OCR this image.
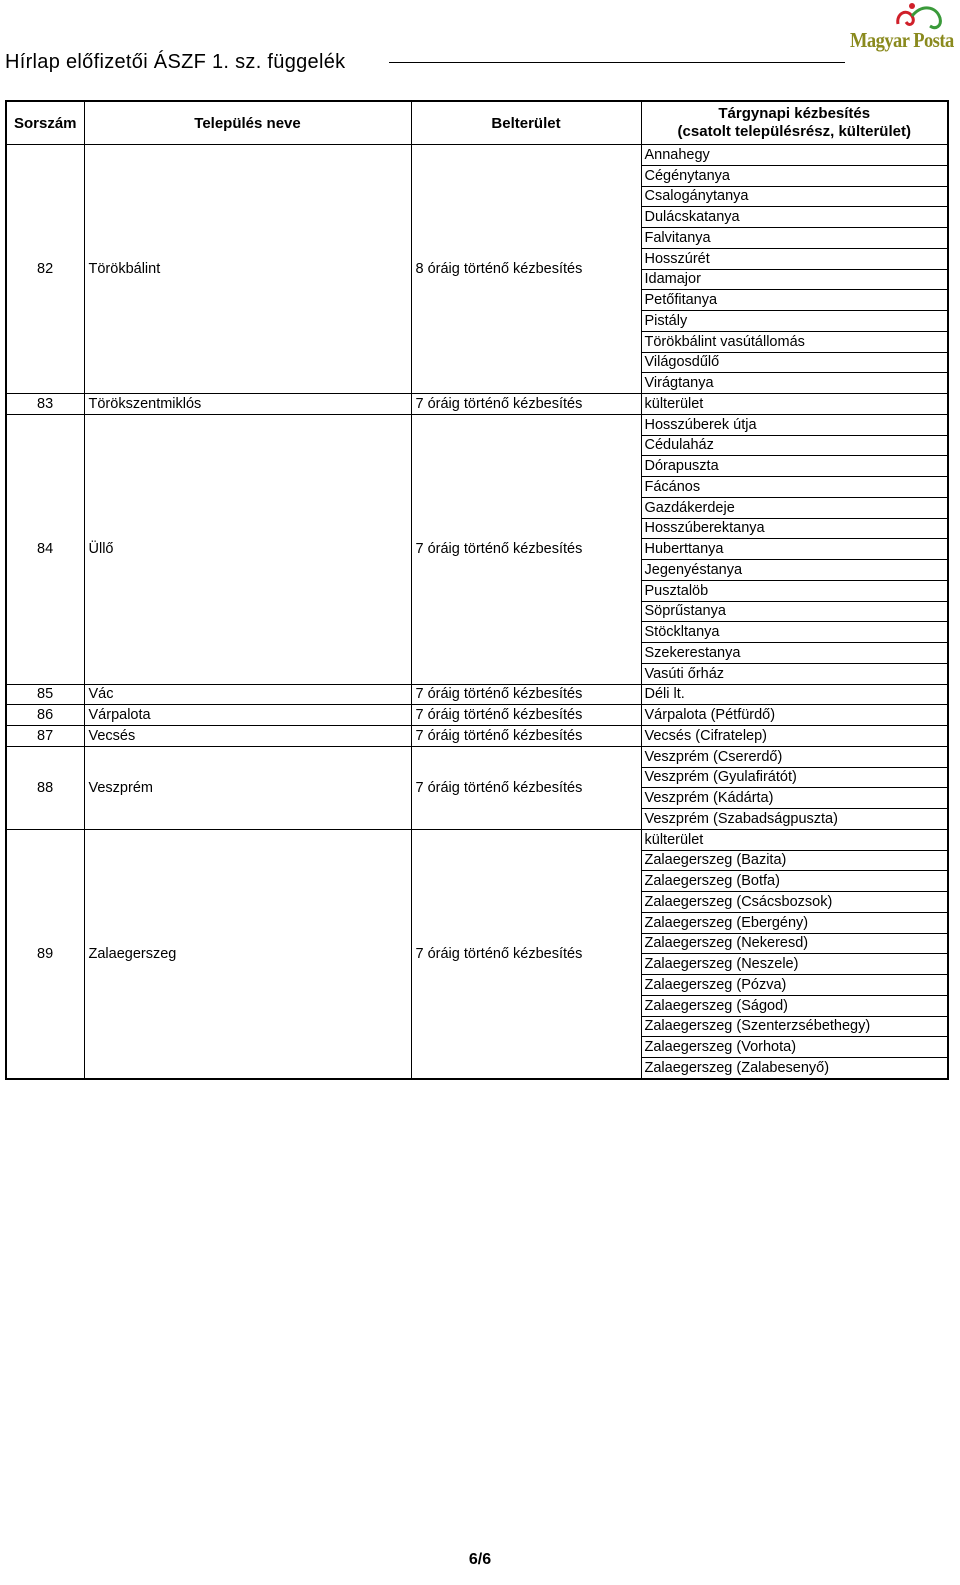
Hírlap előfizetői ÁSZF 1. sz. függelék
Magyar Posta
Sorszám	Település neve	Belterület	Tárgynapi kézbesítés
(csatolt településrész, külterület)

82	Törökbálint	8 óráig történő kézbesítés	Annahegy
			Cégénytanya
			Csalogánytanya
			Dulácskatanya
			Falvitanya
			Hosszúrét
			Idamajor
			Petőfitanya
			Pistály
			Törökbálint vasútállomás
			Világosdűlő
			Virágtanya
83	Törökszentmiklós	7 óráig történő kézbesítés	külterület
84	Üllő	7 óráig történő kézbesítés	Hosszúberek útja
			Cédulaház
			Dórapuszta
			Fácános
			Gazdákerdeje
			Hosszúberektanya
			Huberttanya
			Jegenyéstanya
			Pusztalöb
			Söprűstanya
			Stöckltanya
			Szekerestanya
			Vasúti őrház
85	Vác	7 óráig történő kézbesítés	Déli lt.
86	Várpalota	7 óráig történő kézbesítés	Várpalota (Pétfürdő)
87	Vecsés	7 óráig történő kézbesítés	Vecsés (Cifratelep)
88	Veszprém	7 óráig történő kézbesítés	Veszprém (Csererdő)
			Veszprém (Gyulafirátót)
			Veszprém (Kádárta)
			Veszprém (Szabadságpuszta)
89	Zalaegerszeg	7 óráig történő kézbesítés	külterület
			Zalaegerszeg (Bazita)
			Zalaegerszeg (Botfa)
			Zalaegerszeg (Csácsbozsok)
			Zalaegerszeg (Ebergény)
			Zalaegerszeg (Nekeresd)
			Zalaegerszeg (Neszele)
			Zalaegerszeg (Pózva)
			Zalaegerszeg (Ságod)
			Zalaegerszeg (Szenterzsébethegy)
			Zalaegerszeg (Vorhota)
			Zalaegerszeg (Zalabesenyő)
6/6
